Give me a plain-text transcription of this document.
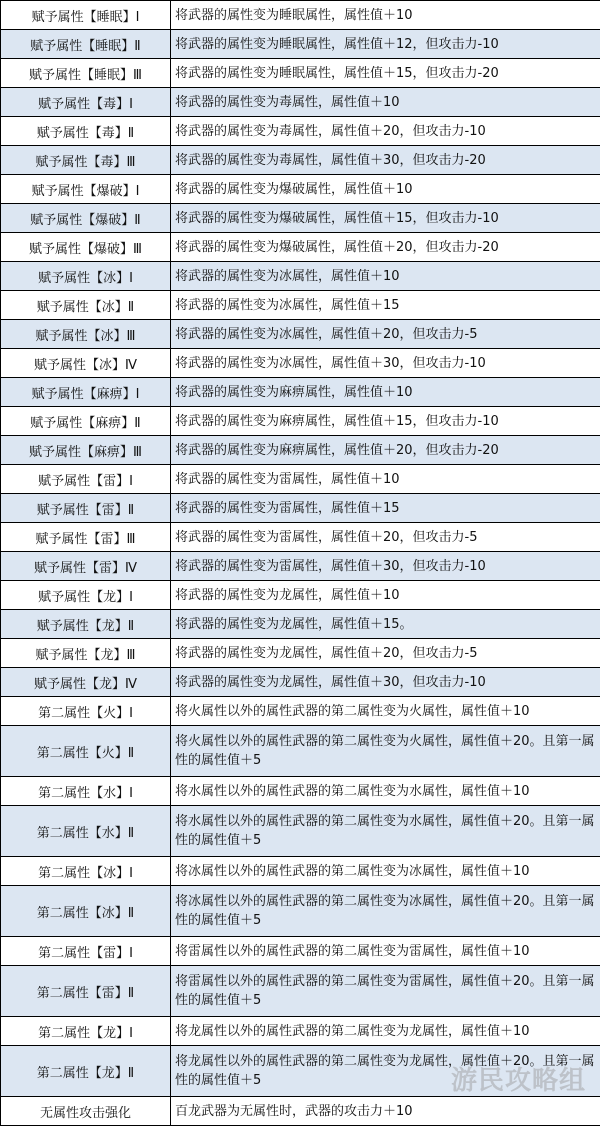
赋予属性【睡眠】Ⅰ	将武器的属性变为睡眠属性，属性值＋10
赋予属性【睡眠】Ⅱ	将武器的属性变为睡眠属性，属性值＋12，但攻击力-10
赋予属性【睡眠】Ⅲ	将武器的属性变为睡眠属性，属性值＋15，但攻击力-20
赋予属性【毒】Ⅰ	将武器的属性变为毒属性，属性值＋10
赋予属性【毒】Ⅱ	将武器的属性变为毒属性，属性值＋20，但攻击力-10
赋予属性【毒】Ⅲ	将武器的属性变为毒属性，属性值＋30，但攻击力-20
赋予属性【爆破】Ⅰ	将武器的属性变为爆破属性，属性值＋10
赋予属性【爆破】Ⅱ	将武器的属性变为爆破属性，属性值＋15，但攻击力-10
赋予属性【爆破】Ⅲ	将武器的属性变为爆破属性，属性值＋20，但攻击力-20
赋予属性【冰】Ⅰ	将武器的属性变为冰属性，属性值＋10
赋予属性【冰】Ⅱ	将武器的属性变为冰属性，属性值＋15
赋予属性【冰】Ⅲ	将武器的属性变为冰属性，属性值＋20，但攻击力-5
赋予属性【冰】Ⅳ	将武器的属性变为冰属性，属性值＋30，但攻击力-10
赋予属性【麻痹】Ⅰ	将武器的属性变为麻痹属性，属性值＋10
赋予属性【麻痹】Ⅱ	将武器的属性变为麻痹属性，属性值＋15，但攻击力-10
赋予属性【麻痹】Ⅲ	将武器的属性变为麻痹属性，属性值＋20，但攻击力-20
赋予属性【雷】Ⅰ	将武器的属性变为雷属性，属性值＋10
赋予属性【雷】Ⅱ	将武器的属性变为雷属性，属性值＋15
赋予属性【雷】Ⅲ	将武器的属性变为雷属性，属性值＋20，但攻击力-5
赋予属性【雷】Ⅳ	将武器的属性变为雷属性，属性值＋30，但攻击力-10
赋予属性【龙】Ⅰ	将武器的属性变为龙属性，属性值＋10
赋予属性【龙】Ⅱ	将武器的属性变为龙属性，属性值＋15。
赋予属性【龙】Ⅲ	将武器的属性变为龙属性，属性值＋20，但攻击力-5
赋予属性【龙】Ⅳ	将武器的属性变为龙属性，属性值＋30，但攻击力-10
第二属性【火】Ⅰ	将火属性以外的属性武器的第二属性变为火属性，属性值＋10
第二属性【火】Ⅱ	将火属性以外的属性武器的第二属性变为火属性，属性值＋20。且第一属性的属性值＋5
第二属性【水】Ⅰ	将水属性以外的属性武器的第二属性变为水属性，属性值＋10
第二属性【水】Ⅱ	将水属性以外的属性武器的第二属性变为水属性，属性值＋20。且第一属性的属性值＋5
第二属性【冰】Ⅰ	将冰属性以外的属性武器的第二属性变为冰属性，属性值＋10
第二属性【冰】Ⅱ	将冰属性以外的属性武器的第二属性变为冰属性，属性值＋20。且第一属性的属性值＋5
第二属性【雷】Ⅰ	将雷属性以外的属性武器的第二属性变为雷属性，属性值＋10
第二属性【雷】Ⅱ	将雷属性以外的属性武器的第二属性变为雷属性，属性值＋20。且第一属性的属性值＋5
第二属性【龙】Ⅰ	将龙属性以外的属性武器的第二属性变为龙属性，属性值＋10
第二属性【龙】Ⅱ	将龙属性以外的属性武器的第二属性变为龙属性，属性值＋20。且第一属性的属性值＋5
无属性攻击强化	百龙武器为无属性时，武器的攻击力＋10 游民攻略组
